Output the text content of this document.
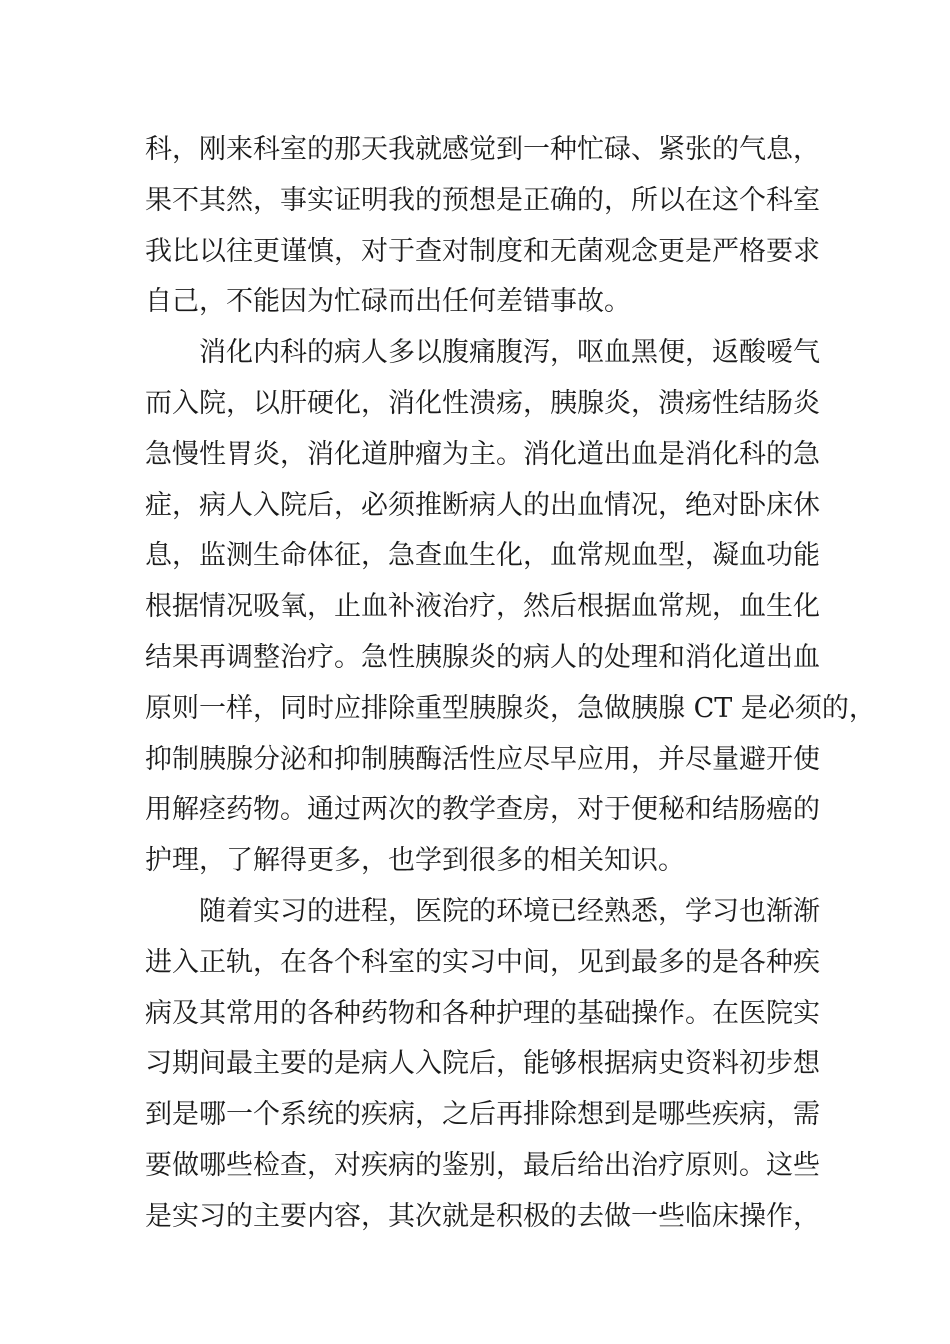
科，刚来科室的那天我就感觉到一种忙碌、紧张的气息，
果不其然，事实证明我的预想是正确的，所以在这个科室
我比以往更谨慎，对于查对制度和无菌观念更是严格要求
自己，不能因为忙碌而出任何差错事故。
　　消化内科的病人多以腹痛腹泻，呕血黑便，返酸嗳气
而入院，以肝硬化，消化性溃疡，胰腺炎，溃疡性结肠炎
急慢性胃炎，消化道肿瘤为主。消化道出血是消化科的急
症，病人入院后，必须推断病人的出血情况，绝对卧床休
息，监测生命体征，急查血生化，血常规血型，凝血功能
根据情况吸氧，止血补液治疗，然后根据血常规，血生化
结果再调整治疗。急性胰腺炎的病人的处理和消化道出血
原则一样，同时应排除重型胰腺炎，急做胰腺 CT 是必须的，
抑制胰腺分泌和抑制胰酶活性应尽早应用，并尽量避开使
用解痉药物。通过两次的教学查房，对于便秘和结肠癌的
护理，了解得更多，也学到很多的相关知识。
　　随着实习的进程，医院的环境已经熟悉，学习也渐渐
进入正轨，在各个科室的实习中间，见到最多的是各种疾
病及其常用的各种药物和各种护理的基础操作。在医院实
习期间最主要的是病人入院后，能够根据病史资料初步想
到是哪一个系统的疾病，之后再排除想到是哪些疾病，需
要做哪些检查，对疾病的鉴别，最后给出治疗原则。这些
是实习的主要内容，其次就是积极的去做一些临床操作，
